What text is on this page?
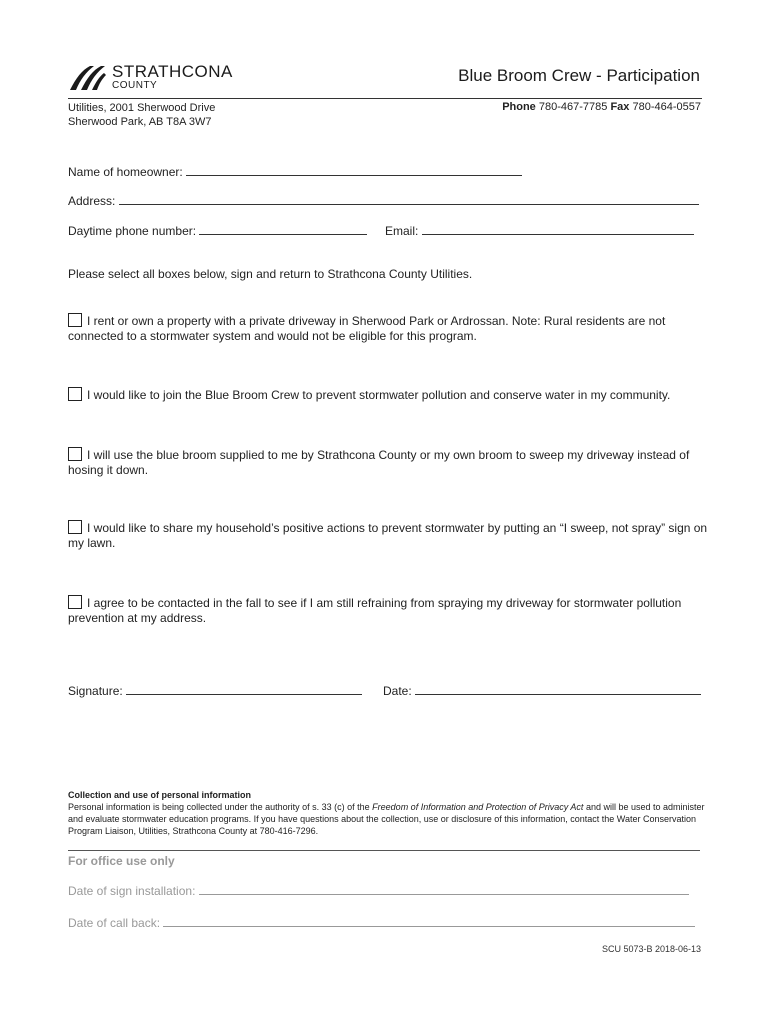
STRATHCONA
COUNTY
Blue Broom Crew - Participation
Utilities, 2001 Sherwood Drive
Sherwood Park, AB T8A 3W7
Phone 780-467-7785 Fax 780-464-0557
Name of homeowner:
Address:
Daytime phone number:	Email:
Please select all boxes below, sign and return to Strathcona County Utilities.
I rent or own a property with a private driveway in Sherwood Park or Ardrossan. Note: Rural residents are not connected to a stormwater system and would not be eligible for this program.
I would like to join the Blue Broom Crew to prevent stormwater pollution and conserve water in my community.
I will use the blue broom supplied to me by Strathcona County or my own broom to sweep my driveway instead of hosing it down.
I would like to share my household’s positive actions to prevent stormwater by putting an “I sweep, not spray” sign on my lawn.
I agree to be contacted in the fall to see if I am still refraining from spraying my driveway for stormwater pollution prevention at my address.
Signature:	Date:
Collection and use of personal information
Personal information is being collected under the authority of s. 33 (c) of the Freedom of Information and Protection of Privacy Act and will be used to administer and evaluate stormwater education programs. If you have questions about the collection, use or disclosure of this information, contact the Water Conservation Program Liaison, Utilities, Strathcona County at 780-416-7296.
For office use only
Date of sign installation:
Date of call back:
SCU 5073-B 2018-06-13
